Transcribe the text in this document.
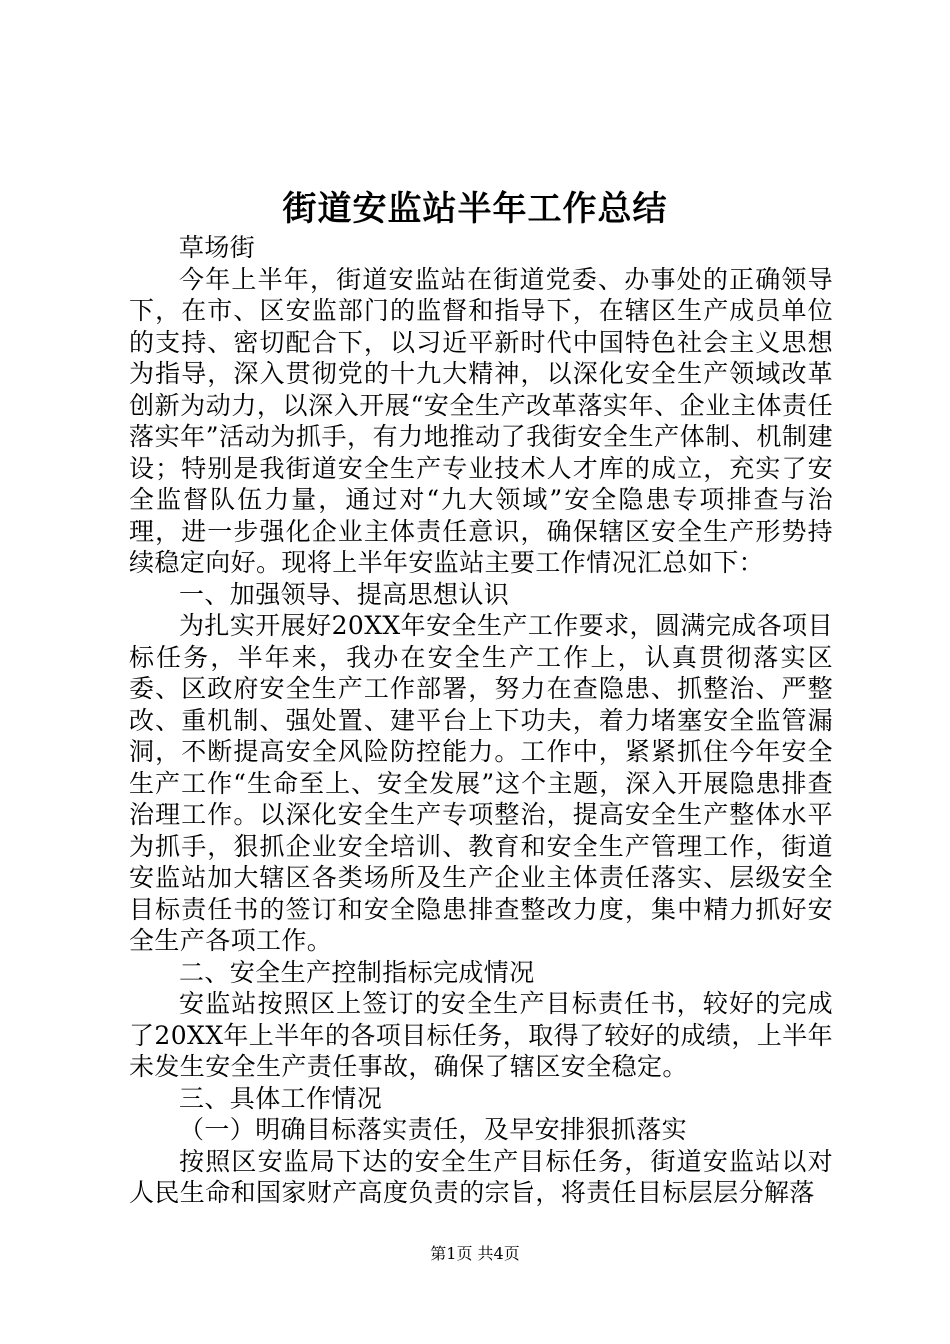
街道安监站半年工作总结

草场街

今年上半年，街道安监站在街道党委、办事处的正确领导下，在市、区安监部门的监督和指导下，在辖区生产成员单位的支持、密切配合下，以习近平新时代中国特色社会主义思想为指导，深入贯彻党的十九大精神，以深化安全生产领域改革创新为动力，以深入开展“安全生产改革落实年、企业主体责任落实年”活动为抓手，有力地推动了我街安全生产体制、机制建设；特别是我街道安全生产专业技术人才库的成立，充实了安全监督队伍力量，通过对“九大领域”安全隐患专项排查与治理，进一步强化企业主体责任意识，确保辖区安全生产形势持续稳定向好。现将上半年安监站主要工作情况汇总如下：

一、加强领导、提高思想认识

为扎实开展好20XX年安全生产工作要求，圆满完成各项目标任务，半年来，我办在安全生产工作上，认真贯彻落实区委、区政府安全生产工作部署，努力在查隐患、抓整治、严整改、重机制、强处置、建平台上下功夫，着力堵塞安全监管漏洞，不断提高安全风险防控能力。工作中，紧紧抓住今年安全生产工作“生命至上、安全发展”这个主题，深入开展隐患排查治理工作。以深化安全生产专项整治，提高安全生产整体水平为抓手，狠抓企业安全培训、教育和安全生产管理工作，街道安监站加大辖区各类场所及生产企业主体责任落实、层级安全目标责任书的签订和安全隐患排查整改力度，集中精力抓好安全生产各项工作。

二、安全生产控制指标完成情况

安监站按照区上签订的安全生产目标责任书，较好的完成了20XX年上半年的各项目标任务，取得了较好的成绩，上半年未发生安全生产责任事故，确保了辖区安全稳定。

三、具体工作情况

（一）明确目标落实责任，及早安排狠抓落实

按照区安监局下达的安全生产目标任务，街道安监站以对人民生命和国家财产高度负责的宗旨，将责任目标层层分解落

第1页 共4页
